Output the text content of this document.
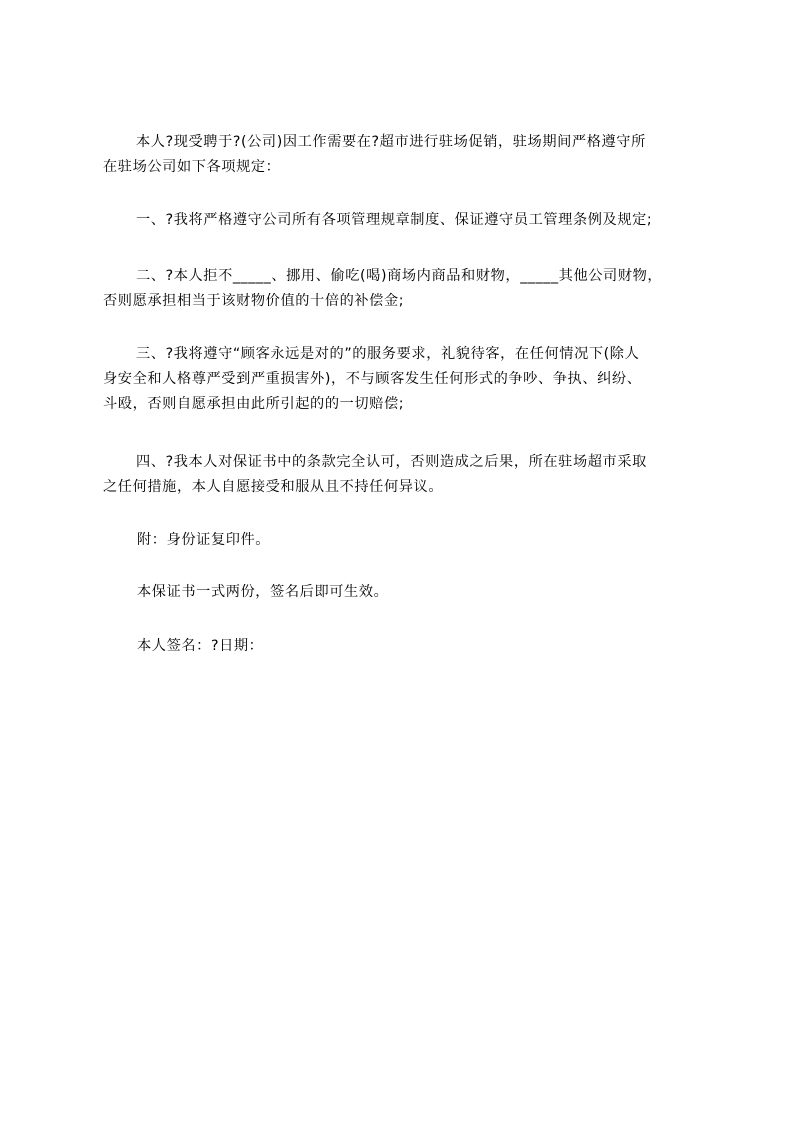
本人?现受聘于?(公司)因工作需要在?超市进行驻场促销，驻场期间严格遵守所
在驻场公司如下各项规定：

一、?我将严格遵守公司所有各项管理规章制度、保证遵守员工管理条例及规定;

二、?本人拒不_____、挪用、偷吃(喝)商场内商品和财物，_____其他公司财物，
否则愿承担相当于该财物价值的十倍的补偿金;

三、?我将遵守“顾客永远是对的”的服务要求，礼貌待客，在任何情况下(除人
身安全和人格尊严受到严重损害外)，不与顾客发生任何形式的争吵、争执、纠纷、
斗殴，否则自愿承担由此所引起的的一切赔偿;

四、?我本人对保证书中的条款完全认可，否则造成之后果，所在驻场超市采取
之任何措施，本人自愿接受和服从且不持任何异议。

附：身份证复印件。

本保证书一式两份，签名后即可生效。

本人签名：?日期：
